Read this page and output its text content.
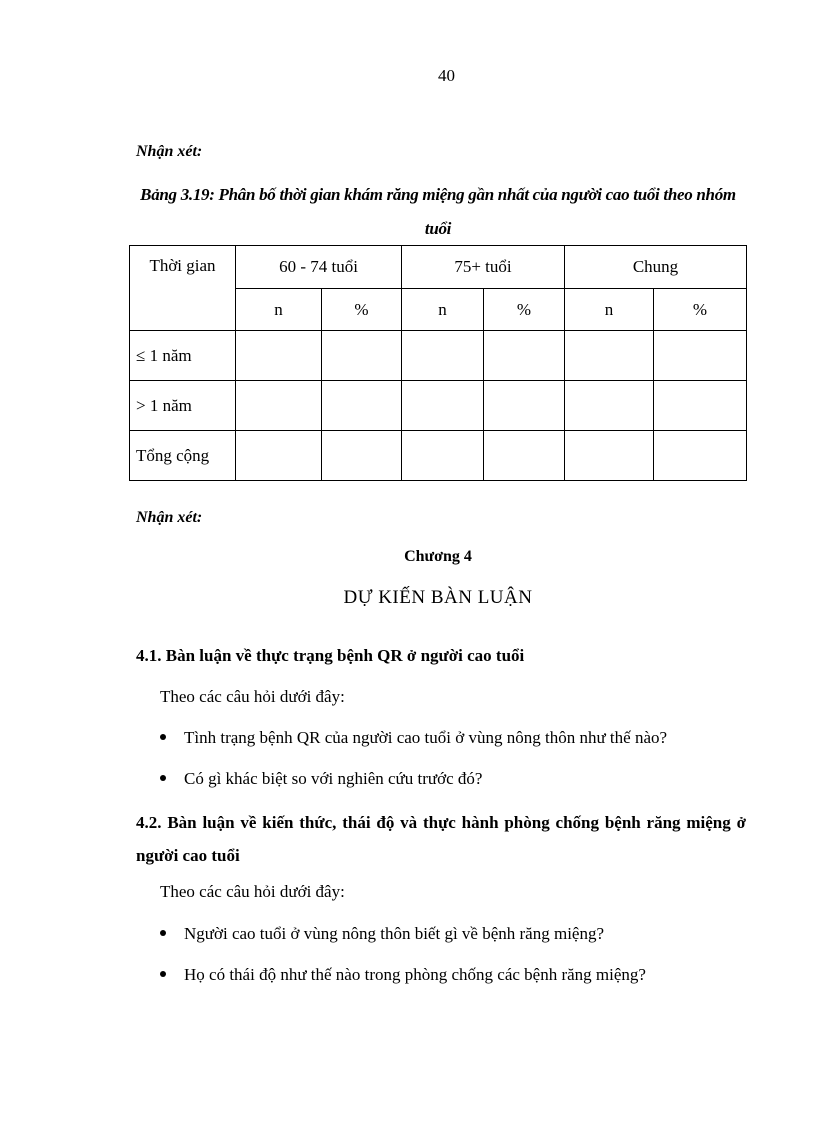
40
Nhận xét:
Bảng 3.19: Phân bố thời gian khám răng miệng gần nhất của người cao tuổi theo nhóm tuổi
Thời gian	60 - 74 tuổi		75+ tuổi		Chung	
	n	%	n	%	n	%
≤ 1 năm						
> 1 năm						
Tổng cộng						
Nhận xét:
Chương 4
DỰ KIẾN BÀN LUẬN
4.1. Bàn luận về thực trạng bệnh QR ở người cao tuổi
Theo các câu hỏi dưới đây:
Tình trạng bệnh QR của người cao tuổi ở vùng nông thôn như thế nào?
Có gì khác biệt so với nghiên cứu trước đó?
4.2. Bàn luận về kiến thức, thái độ và thực hành phòng chống bệnh răng miệng ở người cao tuổi
Theo các câu hỏi dưới đây:
Người cao tuổi ở vùng nông thôn biết gì về bệnh răng miệng?
Họ có thái độ như thế nào trong phòng chống các bệnh răng miệng?
